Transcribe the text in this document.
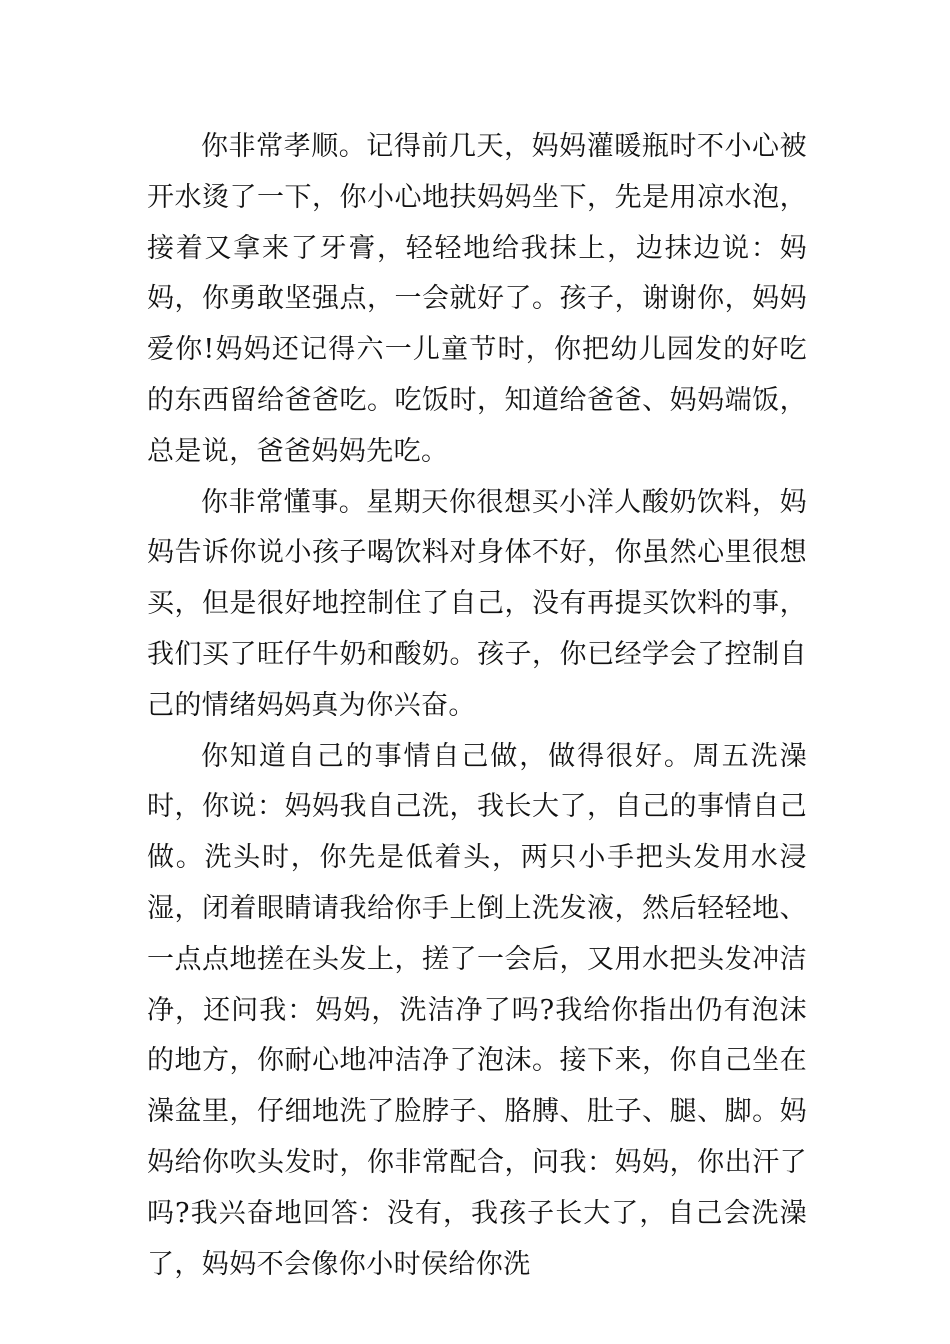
你非常孝顺。记得前几天，妈妈灌暖瓶时不小心被开水烫了一下，你小心地扶妈妈坐下，先是用凉水泡，接着又拿来了牙膏，轻轻地给我抹上，边抹边说：妈妈，你勇敢坚强点，一会就好了。孩子，谢谢你，妈妈爱你!妈妈还记得六一儿童节时，你把幼儿园发的好吃的东西留给爸爸吃。吃饭时，知道给爸爸、妈妈端饭，总是说，爸爸妈妈先吃。

你非常懂事。星期天你很想买小洋人酸奶饮料，妈妈告诉你说小孩子喝饮料对身体不好，你虽然心里很想买，但是很好地控制住了自己，没有再提买饮料的事，我们买了旺仔牛奶和酸奶。孩子，你已经学会了控制自己的情绪妈妈真为你兴奋。

你知道自己的事情自己做，做得很好。周五洗澡时，你说：妈妈我自己洗，我长大了，自己的事情自己做。洗头时，你先是低着头，两只小手把头发用水浸湿，闭着眼睛请我给你手上倒上洗发液，然后轻轻地、一点点地搓在头发上，搓了一会后，又用水把头发冲洁净，还问我：妈妈，洗洁净了吗?我给你指出仍有泡沫的地方，你耐心地冲洁净了泡沫。接下来，你自己坐在澡盆里，仔细地洗了脸脖子、胳膊、肚子、腿、脚。妈妈给你吹头发时，你非常配合，问我：妈妈，你出汗了吗?我兴奋地回答：没有，我孩子长大了，自己会洗澡了，妈妈不会像你小时侯给你洗
